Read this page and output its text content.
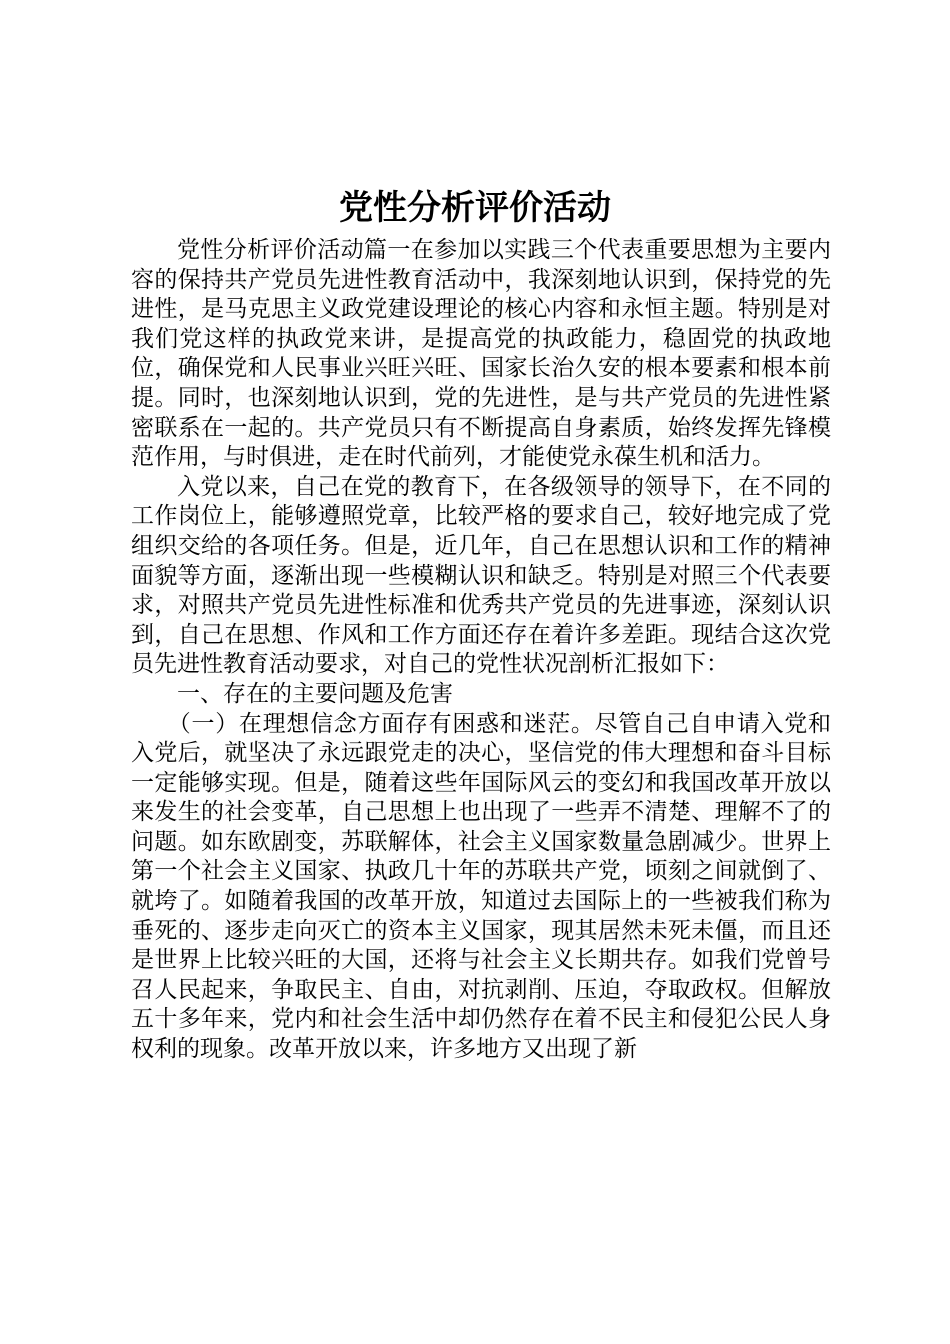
党性分析评价活动

党性分析评价活动篇一在参加以实践三个代表重要思想为主要内容的保持共产党员先进性教育活动中，我深刻地认识到，保持党的先进性，是马克思主义政党建设理论的核心内容和永恒主题。特别是对我们党这样的执政党来讲，是提高党的执政能力，稳固党的执政地位，确保党和人民事业兴旺兴旺、国家长治久安的根本要素和根本前提。同时，也深刻地认识到，党的先进性，是与共产党员的先进性紧密联系在一起的。共产党员只有不断提高自身素质，始终发挥先锋模范作用，与时俱进，走在时代前列，才能使党永葆生机和活力。

入党以来，自己在党的教育下，在各级领导的领导下，在不同的工作岗位上，能够遵照党章，比较严格的要求自己，较好地完成了党组织交给的各项任务。但是，近几年，自己在思想认识和工作的精神面貌等方面，逐渐出现一些模糊认识和缺乏。特别是对照三个代表要求，对照共产党员先进性标准和优秀共产党员的先进事迹，深刻认识到，自己在思想、作风和工作方面还存在着许多差距。现结合这次党员先进性教育活动要求，对自己的党性状况剖析汇报如下：

一、存在的主要问题及危害

（一）在理想信念方面存有困惑和迷茫。尽管自己自申请入党和入党后，就坚决了永远跟党走的决心，坚信党的伟大理想和奋斗目标一定能够实现。但是，随着这些年国际风云的变幻和我国改革开放以来发生的社会变革，自己思想上也出现了一些弄不清楚、理解不了的问题。如东欧剧变，苏联解体，社会主义国家数量急剧减少。世界上第一个社会主义国家、执政几十年的苏联共产党，顷刻之间就倒了、就垮了。如随着我国的改革开放，知道过去国际上的一些被我们称为垂死的、逐步走向灭亡的资本主义国家，现其居然未死未僵，而且还是世界上比较兴旺的大国，还将与社会主义长期共存。如我们党曾号召人民起来，争取民主、自由，对抗剥削、压迫，夺取政权。但解放五十多年来，党内和社会生活中却仍然存在着不民主和侵犯公民人身权利的现象。改革开放以来，许多地方又出现了新
